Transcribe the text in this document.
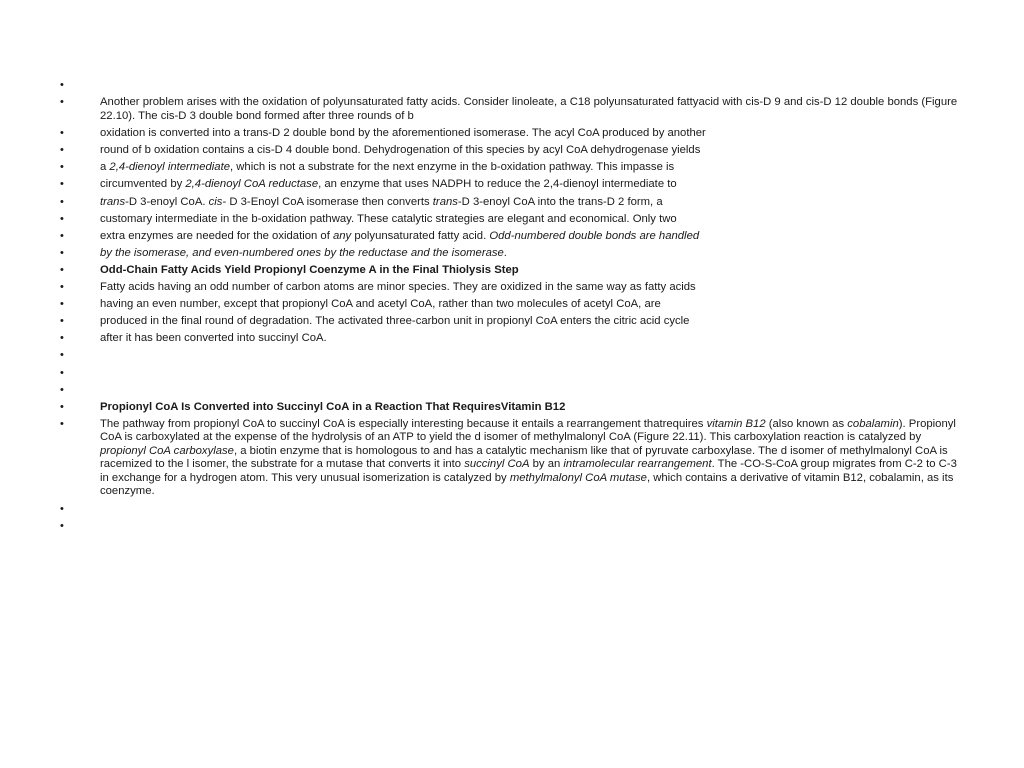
•
•	Another problem arises with the oxidation of polyunsaturated fatty acids. Consider linoleate, a C18 polyunsaturated fattyacid with cis-D 9 and cis-D 12 double bonds (Figure 22.10). The cis-D 3 double bond formed after three rounds of b
•	oxidation is converted into a trans-D 2 double bond by the aforementioned isomerase. The acyl CoA produced by another
•	round of b oxidation contains a cis-D 4 double bond. Dehydrogenation of this species by acyl CoA dehydrogenase yields
•	a 2,4-dienoyl intermediate, which is not a substrate for the next enzyme in the b-oxidation pathway. This impasse is
•	circumvented by 2,4-dienoyl CoA reductase, an enzyme that uses NADPH to reduce the 2,4-dienoyl intermediate to
•	trans-D 3-enoyl CoA. cis- D 3-Enoyl CoA isomerase then converts trans-D 3-enoyl CoA into the trans-D 2 form, a
•	customary intermediate in the b-oxidation pathway. These catalytic strategies are elegant and economical. Only two
•	extra enzymes are needed for the oxidation of any polyunsaturated fatty acid. Odd-numbered double bonds are handled
•	by the isomerase, and even-numbered ones by the reductase and the isomerase.
•	Odd-Chain Fatty Acids Yield Propionyl Coenzyme A in the Final Thiolysis Step
•	Fatty acids having an odd number of carbon atoms are minor species. They are oxidized in the same way as fatty acids
•	having an even number, except that propionyl CoA and acetyl CoA, rather than two molecules of acetyl CoA, are
•	produced in the final round of degradation. The activated three-carbon unit in propionyl CoA enters the citric acid cycle
•	after it has been converted into succinyl CoA.
•
•
•
•	Propionyl CoA Is Converted into Succinyl CoA in a Reaction That RequiresVitamin B12
•	The pathway from propionyl CoA to succinyl CoA is especially interesting because it entails a rearrangement thatrequires vitamin B12 (also known as cobalamin). Propionyl CoA is carboxylated at the expense of the hydrolysis of an ATP to yield the d isomer of methylmalonyl CoA (Figure 22.11). This carboxylation reaction is catalyzed by propionyl CoA carboxylase, a biotin enzyme that is homologous to and has a catalytic mechanism like that of pyruvate carboxylase. The d isomer of methylmalonyl CoA is racemized to the l isomer, the substrate for a mutase that converts it into succinyl CoA by an intramolecular rearrangement. The -CO-S-CoA group migrates from C-2 to C-3 in exchange for a hydrogen atom. This very unusual isomerization is catalyzed by methylmalonyl CoA mutase, which contains a derivative of vitamin B12, cobalamin, as its coenzyme.
•
•
